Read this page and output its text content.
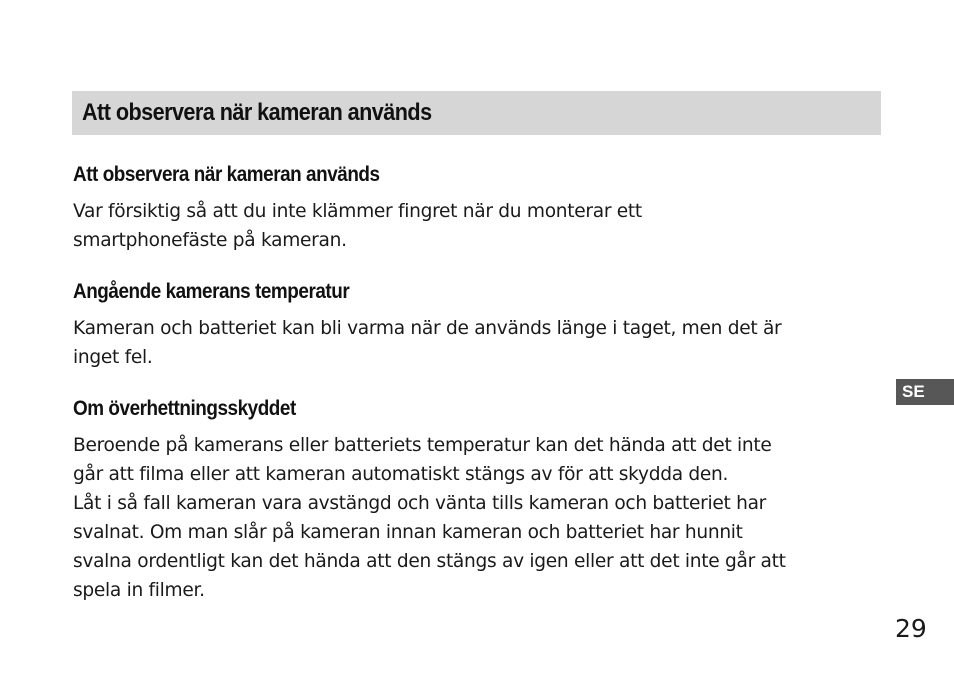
Att observera när kameran används
Att observera när kameran används

Var försiktig så att du inte klämmer fingret när du monterar ett
smartphonefäste på kameran.

Angående kamerans temperatur

Kameran och batteriet kan bli varma när de används länge i taget, men det är
inget fel.

Om överhettningsskyddet

Beroende på kamerans eller batteriets temperatur kan det hända att det inte
går att filma eller att kameran automatiskt stängs av för att skydda den.
Låt i så fall kameran vara avstängd och vänta tills kameran och batteriet har
svalnat. Om man slår på kameran innan kameran och batteriet har hunnit
svalna ordentligt kan det hända att den stängs av igen eller att det inte går att
spela in filmer.

SE
29
